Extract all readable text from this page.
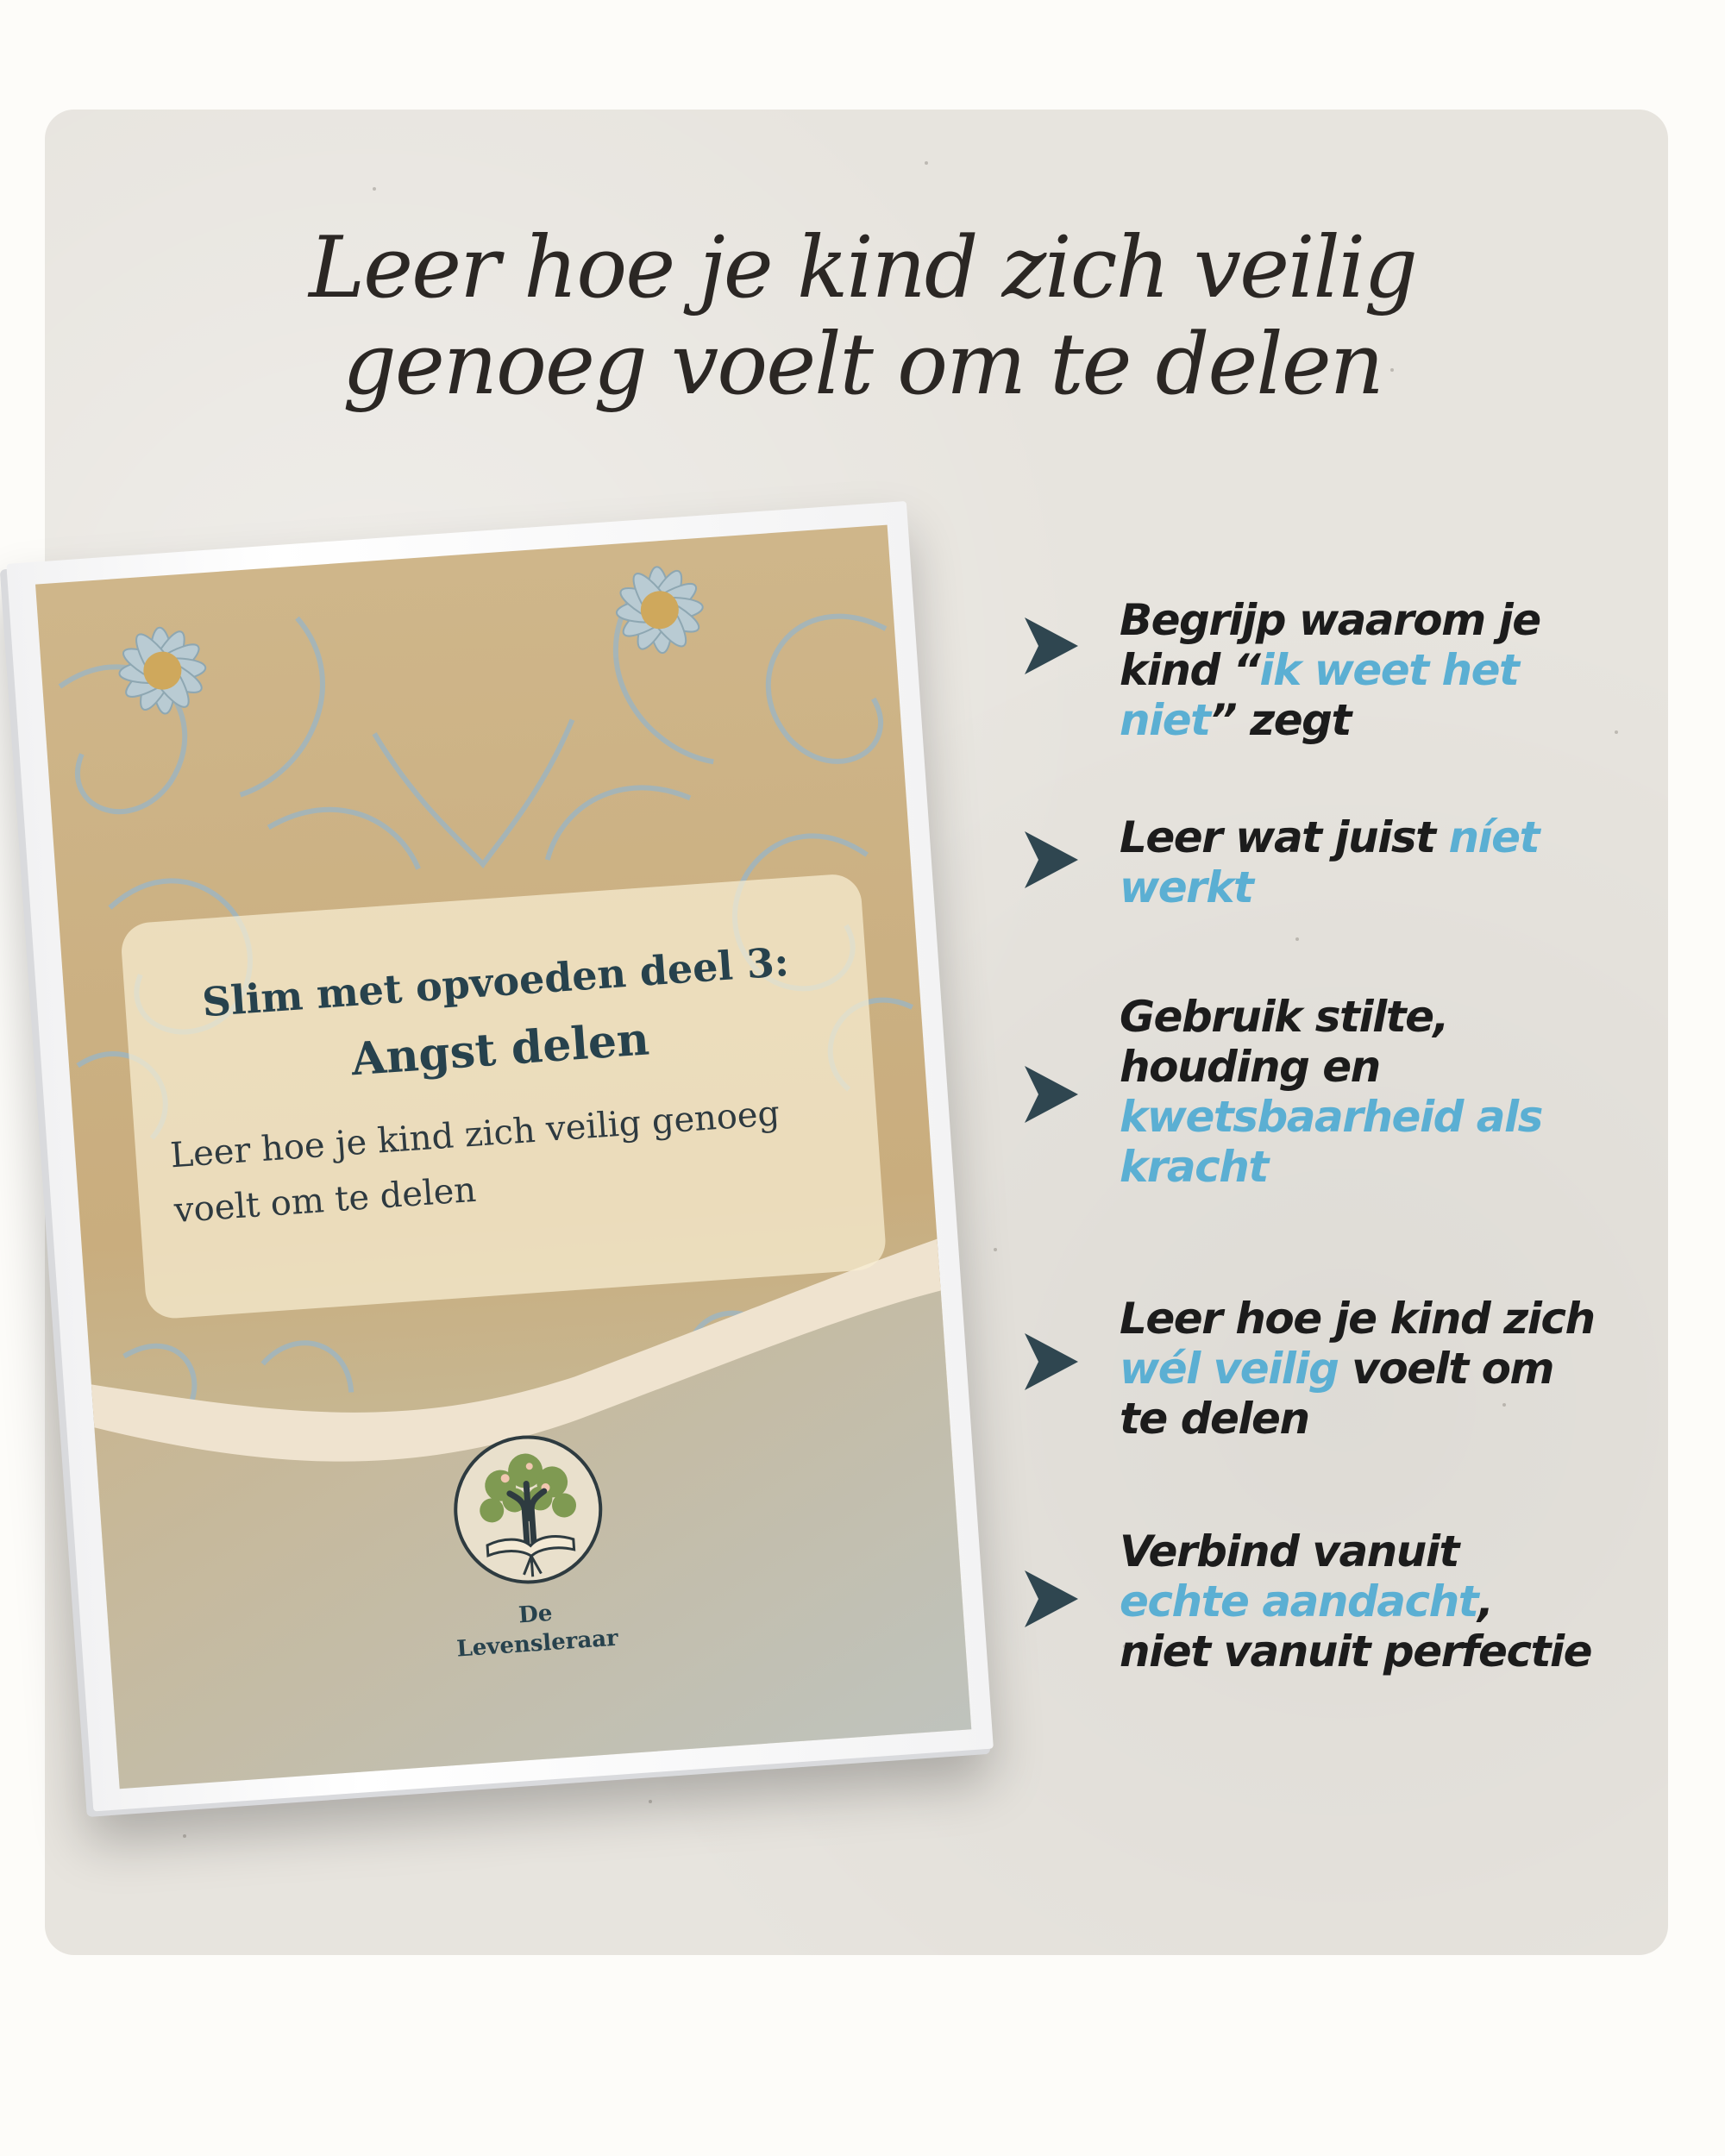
Leer hoe je kind zich veilig
genoeg voelt om te delen
Slim met opvoeden deel 3:
Angst delen
Leer hoe je kind zich veilig genoeg
voelt om te delen
De
Levensleraar
Begrijp waarom je
kind “ik weet het
niet” zegt
Leer wat juist níet
werkt
Gebruik stilte,
houding en
kwetsbaarheid als
kracht
Leer hoe je kind zich
wél veilig voelt om
te delen
Verbind vanuit
echte aandacht,
niet vanuit perfectie
